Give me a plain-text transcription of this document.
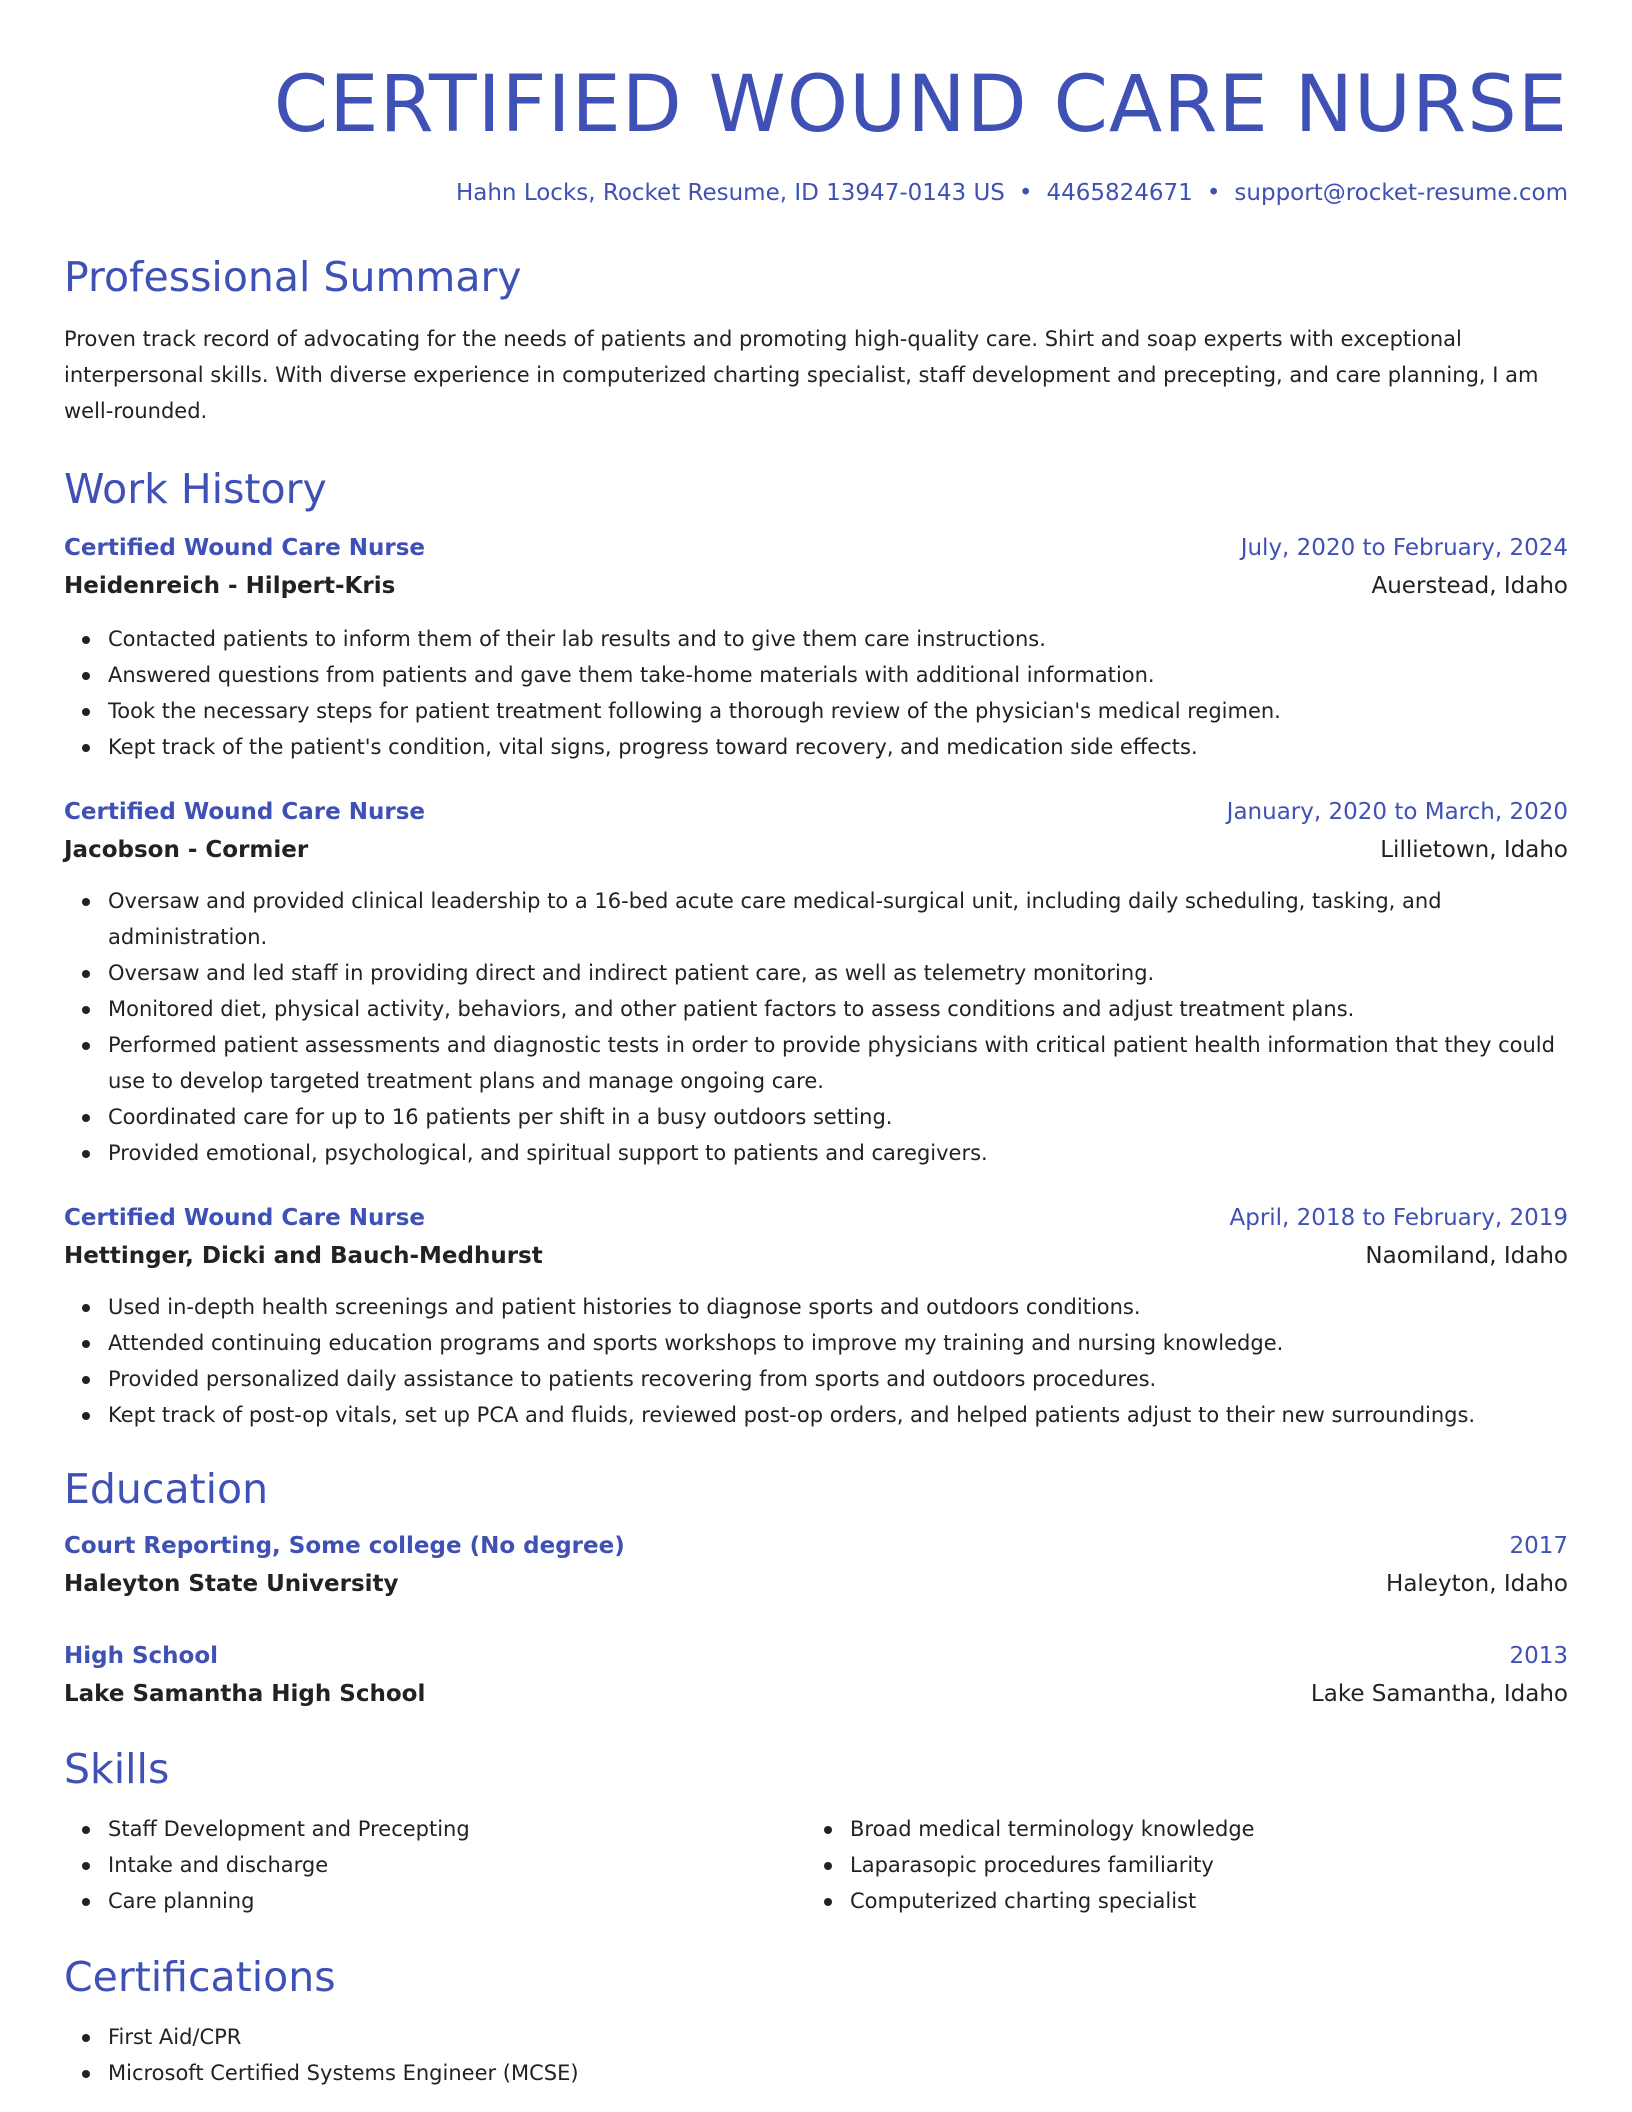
CERTIFIED WOUND CARE NURSE
Hahn Locks, Rocket Resume, ID 13947-0143 US • 4465824671 • support@rocket-resume.com
Professional Summary

Proven track record of advocating for the needs of patients and promoting high-quality care. Shirt and soap experts with exceptional interpersonal skills. With diverse experience in computerized charting specialist, staff development and precepting, and care planning, I am well-rounded.

Work History
Certified Wound Care Nurse	July, 2020 to February, 2024
Heidenreich - Hilpert-Kris	Auerstead, Idaho
Contacted patients to inform them of their lab results and to give them care instructions.
Answered questions from patients and gave them take-home materials with additional information.
Took the necessary steps for patient treatment following a thorough review of the physician's medical regimen.
Kept track of the patient's condition, vital signs, progress toward recovery, and medication side effects.
Certified Wound Care Nurse	January, 2020 to March, 2020
Jacobson - Cormier	Lillietown, Idaho
Oversaw and provided clinical leadership to a 16-bed acute care medical-surgical unit, including daily scheduling, tasking, and administration.
Oversaw and led staff in providing direct and indirect patient care, as well as telemetry monitoring.
Monitored diet, physical activity, behaviors, and other patient factors to assess conditions and adjust treatment plans.
Performed patient assessments and diagnostic tests in order to provide physicians with critical patient health information that they could use to develop targeted treatment plans and manage ongoing care.
Coordinated care for up to 16 patients per shift in a busy outdoors setting.
Provided emotional, psychological, and spiritual support to patients and caregivers.
Certified Wound Care Nurse	April, 2018 to February, 2019
Hettinger, Dicki and Bauch-Medhurst	Naomiland, Idaho
Used in-depth health screenings and patient histories to diagnose sports and outdoors conditions.
Attended continuing education programs and sports workshops to improve my training and nursing knowledge.
Provided personalized daily assistance to patients recovering from sports and outdoors procedures.
Kept track of post-op vitals, set up PCA and fluids, reviewed post-op orders, and helped patients adjust to their new surroundings.
Education
Court Reporting, Some college (No degree)	2017
Haleyton State University	Haleyton, Idaho
High School	2013
Lake Samantha High School	Lake Samantha, Idaho
Skills
Staff Development and Precepting
Intake and discharge
Care planning
Broad medical terminology knowledge
Laparasopic procedures familiarity
Computerized charting specialist
Certifications
First Aid/CPR
Microsoft Certified Systems Engineer (MCSE)
